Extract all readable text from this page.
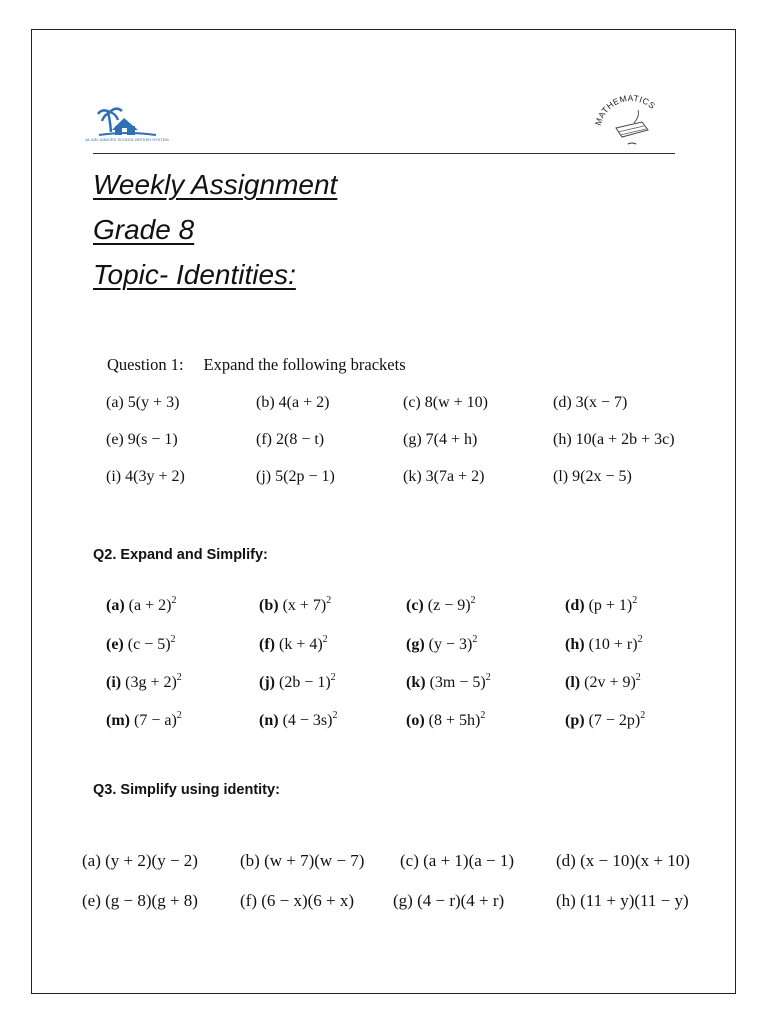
AL AIN JUNIORS SCHOOL BRITISH SYSTEM
MATHEMATICS
Weekly Assignment
Grade 8
Topic- Identities:
Question 1: Expand the following brackets
(a) 5(y + 3)	(b) 4(a + 2)	(c) 8(w + 10)	(d) 3(x − 7)
(e) 9(s − 1)	(f) 2(8 − t)	(g) 7(4 + h)	(h) 10(a + 2b + 3c)
(i) 4(3y + 2)	(j) 5(2p − 1)	(k) 3(7a + 2)	(l) 9(2x − 5)
Q2. Expand and Simplify:
(a) $(a + 2)^2$	(b) $(x + 7)^2$	(c) $(z - 9)^2$	(d) $(p + 1)^2$
(e) $(c - 5)^2$	(f) $(k + 4)^2$	(g) $(y - 3)^2$	(h) $(10 + r)^2$
(i) $(3g + 2)^2$	(j) $(2b - 1)^2$	(k) $(3m - 5)^2$	(l) $(2v + 9)^2$
(m) $(7 - a)^2$	(n) $(4 - 3s)^2$	(o) $(8 + 5h)^2$	(p) $(7 - 2p)^2$
Q3. Simplify using identity:
(a) (y + 2)(y − 2) (b) (w + 7)(w − 7) (c) (a + 1)(a − 1) (d) (x − 10)(x + 10)
(e) (g − 8)(g + 8) (f) (6 − x)(6 + x) (g) (4 − r)(4 + r)	(h) (11 + y)(11 − y)
